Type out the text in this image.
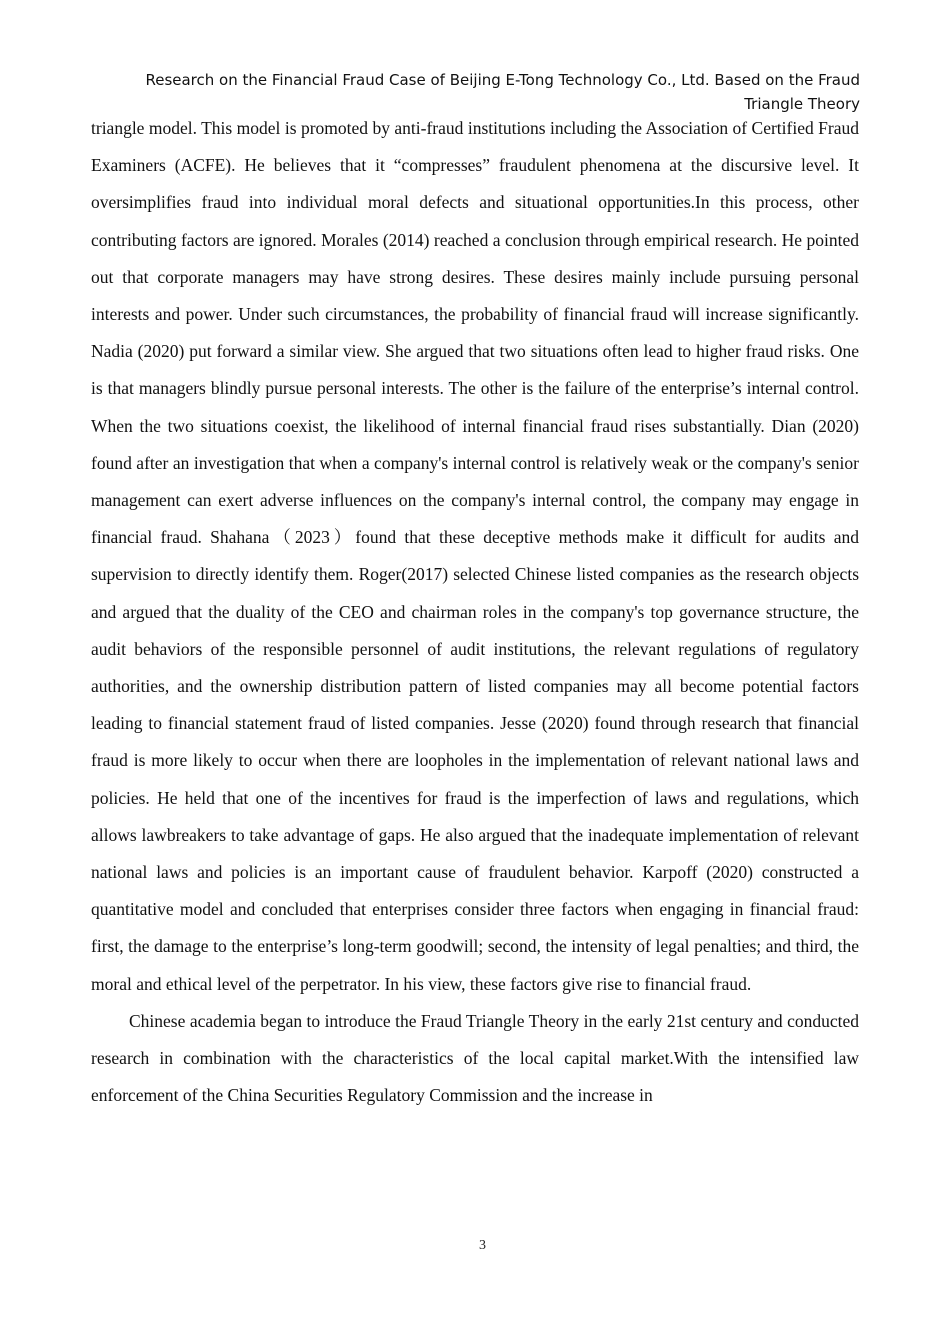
Research on the Financial Fraud Case of Beijing E-Tong Technology Co., Ltd. Based on the Fraud Triangle Theory

triangle model. This model is promoted by anti-fraud institutions including the Association of Certified Fraud Examiners (ACFE). He believes that it “compresses” fraudulent phenomena at the discursive level. It oversimplifies fraud into individual moral defects and situational opportunities.In this process, other contributing factors are ignored. Morales (2014) reached a conclusion through empirical research. He pointed out that corporate managers may have strong desires. These desires mainly include pursuing personal interests and power. Under such circumstances, the probability of financial fraud will increase significantly. Nadia (2020) put forward a similar view. She argued that two situations often lead to higher fraud risks. One is that managers blindly pursue personal interests. The other is the failure of the enterprise’s internal control. When the two situations coexist, the likelihood of internal financial fraud rises substantially. Dian (2020) found after an investigation that when a company's internal control is relatively weak or the company's senior management can exert adverse influences on the company's internal control, the company may engage in financial fraud. Shahana（2023）found that these deceptive methods make it difficult for audits and supervision to directly identify them. Roger(2017) selected Chinese listed companies as the research objects and argued that the duality of the CEO and chairman roles in the company's top governance structure, the audit behaviors of the responsible personnel of audit institutions, the relevant regulations of regulatory authorities, and the ownership distribution pattern of listed companies may all become potential factors leading to financial statement fraud of listed companies. Jesse (2020) found through research that financial fraud is more likely to occur when there are loopholes in the implementation of relevant national laws and policies. He held that one of the incentives for fraud is the imperfection of laws and regulations, which allows lawbreakers to take advantage of gaps. He also argued that the inadequate implementation of relevant national laws and policies is an important cause of fraudulent behavior. Karpoff (2020) constructed a quantitative model and concluded that enterprises consider three factors when engaging in financial fraud: first, the damage to the enterprise’s long-term goodwill; second, the intensity of legal penalties; and third, the moral and ethical level of the perpetrator. In his view, these factors give rise to financial fraud.

Chinese academia began to introduce the Fraud Triangle Theory in the early 21st century and conducted research in combination with the characteristics of the local capital market.With the intensified law enforcement of the China Securities Regulatory Commission and the increase in

3
